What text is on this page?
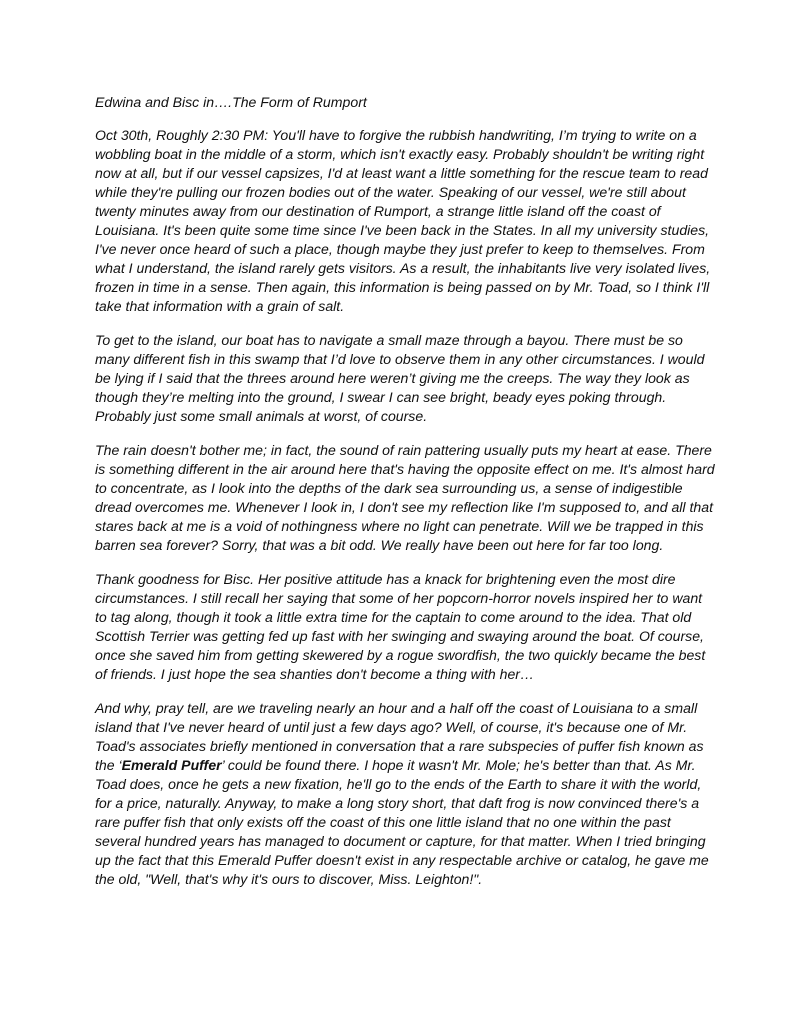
Edwina and Bisc in….The Form of Rumport

Oct 30th, Roughly 2:30 PM: You'll have to forgive the rubbish handwriting, I’m trying to write on a wobbling boat in the middle of a storm, which isn't exactly easy. Probably shouldn't be writing right now at all, but if our vessel capsizes, I'd at least want a little something for the rescue team to read while they're pulling our frozen bodies out of the water. Speaking of our vessel, we're still about twenty minutes away from our destination of Rumport, a strange little island off the coast of Louisiana. It's been quite some time since I've been back in the States. In all my university studies, I've never once heard of such a place, though maybe they just prefer to keep to themselves. From what I understand, the island rarely gets visitors. As a result, the inhabitants live very isolated lives, frozen in time in a sense. Then again, this information is being passed on by Mr. Toad, so I think I'll take that information with a grain of salt.

To get to the island, our boat has to navigate a small maze through a bayou. There must be so many different fish in this swamp that I’d love to observe them in any other circumstances. I would be lying if I said that the threes around here weren’t giving me the creeps. The way they look as though they’re melting into the ground, I swear I can see bright, beady eyes poking through. Probably just some small animals at worst, of course.

The rain doesn't bother me; in fact, the sound of rain pattering usually puts my heart at ease. There is something different in the air around here that's having the opposite effect on me. It's almost hard to concentrate, as I look into the depths of the dark sea surrounding us, a sense of indigestible dread overcomes me. Whenever I look in, I don't see my reflection like I'm supposed to, and all that stares back at me is a void of nothingness where no light can penetrate. Will we be trapped in this barren sea forever? Sorry, that was a bit odd. We really have been out here for far too long.

Thank goodness for Bisc. Her positive attitude has a knack for brightening even the most dire circumstances. I still recall her saying that some of her popcorn-horror novels inspired her to want to tag along, though it took a little extra time for the captain to come around to the idea. That old Scottish Terrier was getting fed up fast with her swinging and swaying around the boat. Of course, once she saved him from getting skewered by a rogue swordfish, the two quickly became the best of friends. I just hope the sea shanties don't become a thing with her…

And why, pray tell, are we traveling nearly an hour and a half off the coast of Louisiana to a small island that I've never heard of until just a few days ago? Well, of course, it's because one of Mr. Toad's associates briefly mentioned in conversation that a rare subspecies of puffer fish known as the ‘Emerald Puffer’ could be found there. I hope it wasn't Mr. Mole; he's better than that. As Mr. Toad does, once he gets a new fixation, he'll go to the ends of the Earth to share it with the world, for a price, naturally. Anyway, to make a long story short, that daft frog is now convinced there's a rare puffer fish that only exists off the coast of this one little island that no one within the past several hundred years has managed to document or capture, for that matter. When I tried bringing up the fact that this Emerald Puffer doesn't exist in any respectable archive or catalog, he gave me the old, "Well, that's why it's ours to discover, Miss. Leighton!".
